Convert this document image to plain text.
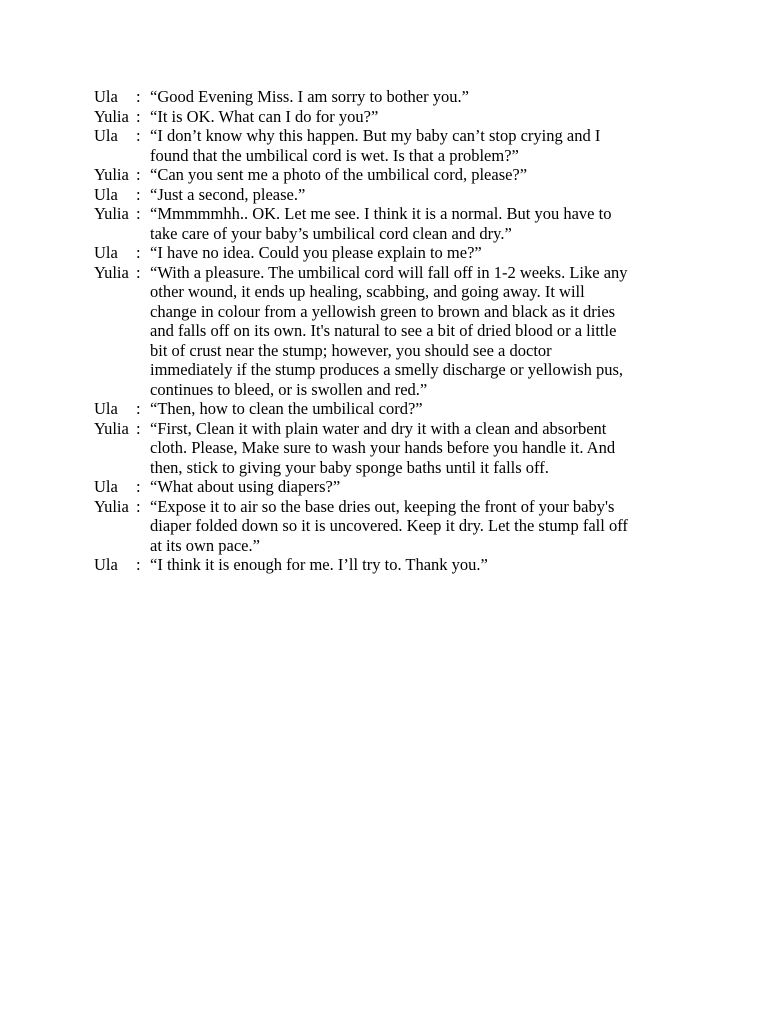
Ula	: “Good Evening Miss. I am sorry to bother you.”
Yulia : “It is OK. What can I do for you?”
Ula	: “I don’t know why this happen. But my baby can’t stop crying and I
found that the umbilical cord is wet. Is that a problem?”
Yulia : “Can you sent me a photo of the umbilical cord, please?”
Ula	: “Just a second, please.”
Yulia : “Mmmmmhh.. OK. Let me see. I think it is a normal. But you have to
take care of your baby’s umbilical cord clean and dry.”
Ula	: “I have no idea. Could you please explain to me?”
Yulia : “With a pleasure. The umbilical cord will fall off in 1-2 weeks. Like any
other wound, it ends up healing, scabbing, and going away. It will
change in colour from a yellowish green to brown and black as it dries
and falls off on its own. It's natural to see a bit of dried blood or a little
bit of crust near the stump; however, you should see a doctor
immediately if the stump produces a smelly discharge or yellowish pus,
continues to bleed, or is swollen and red.”
Ula	: “Then, how to clean the umbilical cord?”
Yulia : “First, Clean it with plain water and dry it with a clean and absorbent
cloth. Please, Make sure to wash your hands before you handle it. And
then, stick to giving your baby sponge baths until it falls off.
Ula	: “What about using diapers?”
Yulia : “Expose it to air so the base dries out, keeping the front of your baby's
diaper folded down so it is uncovered. Keep it dry. Let the stump fall off
at its own pace.”
Ula	: “I think it is enough for me. I’ll try to. Thank you.”
